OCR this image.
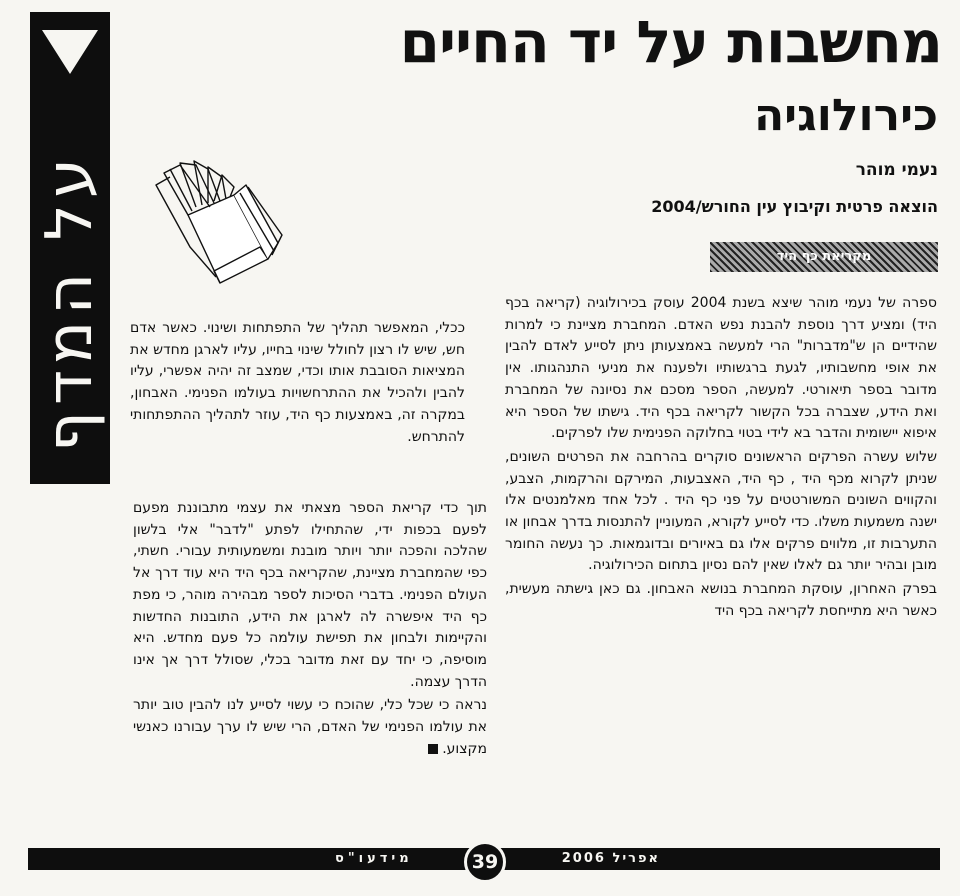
על המדף
מחשבות על יד החיים
כירולוגיה
נעמי מוהר
הוצאה פרטית וקיבוץ עין החורש/2004
מקריאת כף היד

ספרה של נעמי מוהר שיצא בשנת 2004 עוסק בכירולוגיה (קריאה בכף היד) ומציע דרך נוספת להבנת נפש האדם. המחברת מציינת כי למרות שהידיים הן ש"מדברות" הרי למעשה באמצעותן ניתן לסייע לאדם להבין את אופי מחשבותיו, לגעת ברגשותיו ולפענח את מניעי התנהגותו. אין מדובר בספר תיאורטי. למעשה, הספר מסכם את נסיונה של המחברת ואת הידע, שצברה בכל הקשור לקריאה בכף היד. גישתו של הספר היא איפוא יישומית והדבר בא לידי בטוי בחלוקה הפנימית שלו לפרקים.

שלוש עשרה הפרקים הראשונים סוקרים בהרחבה את הפרטים השונים, שניתן לקרוא מכף היד , כף היד, האצבעות, המירקם והרקמות, הצבע, והקווים השונים המשורטטים על פני כף היד . לכל אחד מאלמנטים אלו ישנה משמעות משלו. כדי לסייע לקורא, המעוניין להתנסות בדרך אבחון או התערבות זו, מלווים פרקים אלו גם באיורים ובדוגמאות. כך נעשה החומר מובן ובהיר יותר גם לאלו שאין להם נסיון בתחום הכירולוגיה.

בפרק האחרון, עוסקת המחברת בנושא האבחון. גם כאן גישתה מעשית, כאשר היא מתייחסת לקריאה בכף היד

ככלי, המאפשר תהליך של התפתחות ושינוי. כאשר אדם חש, שיש לו רצון לחולל שינוי בחייו, עליו לארגן מחדש את המציאות הסובבת אותו וכדי, שמצב זה יהיה אפשרי, עליו להבין ולהכיל את ההתרחשויות בעולמו הפנימי. האבחון, במקרה זה, באמצעות כף היד, עוזר לתהליך ההתפתחותי להתרחש.

תוך כדי קריאת הספר מצאתי את עצמי מתבוננת מפעם לפעם בכפות ידי, שהתחילו לפתע "לדבר" אלי בלשון שהלכה והפכה יותר ויותר מובנת ומשמעותית עבורי. חשתי, כפי שהמחברת מציינת, שהקריאה בכף היד היא עוד דרך אל העולם הפנימי. בדברי הסיכות לספר מבהירה מוהר, כי מפת כף היד איפשרה לה לארגן את הידע, התובנות החדשות והקיימות ולבחון את תפישת עולמה כל פעם מחדש. היא מוסיפה, כי יחד עם זאת מדובר בכלי, שסולל דרך אך אינו הדרך עצמה.

נראה כי שכל כלי, שהוכח כי עשוי לסייע לנו להבין טוב יותר את עולמו הפנימי של האדם, הרי שיש לו ערך עבורנו כאנשי מקצוע.

אפריל 2006
39
מידעו"ס
